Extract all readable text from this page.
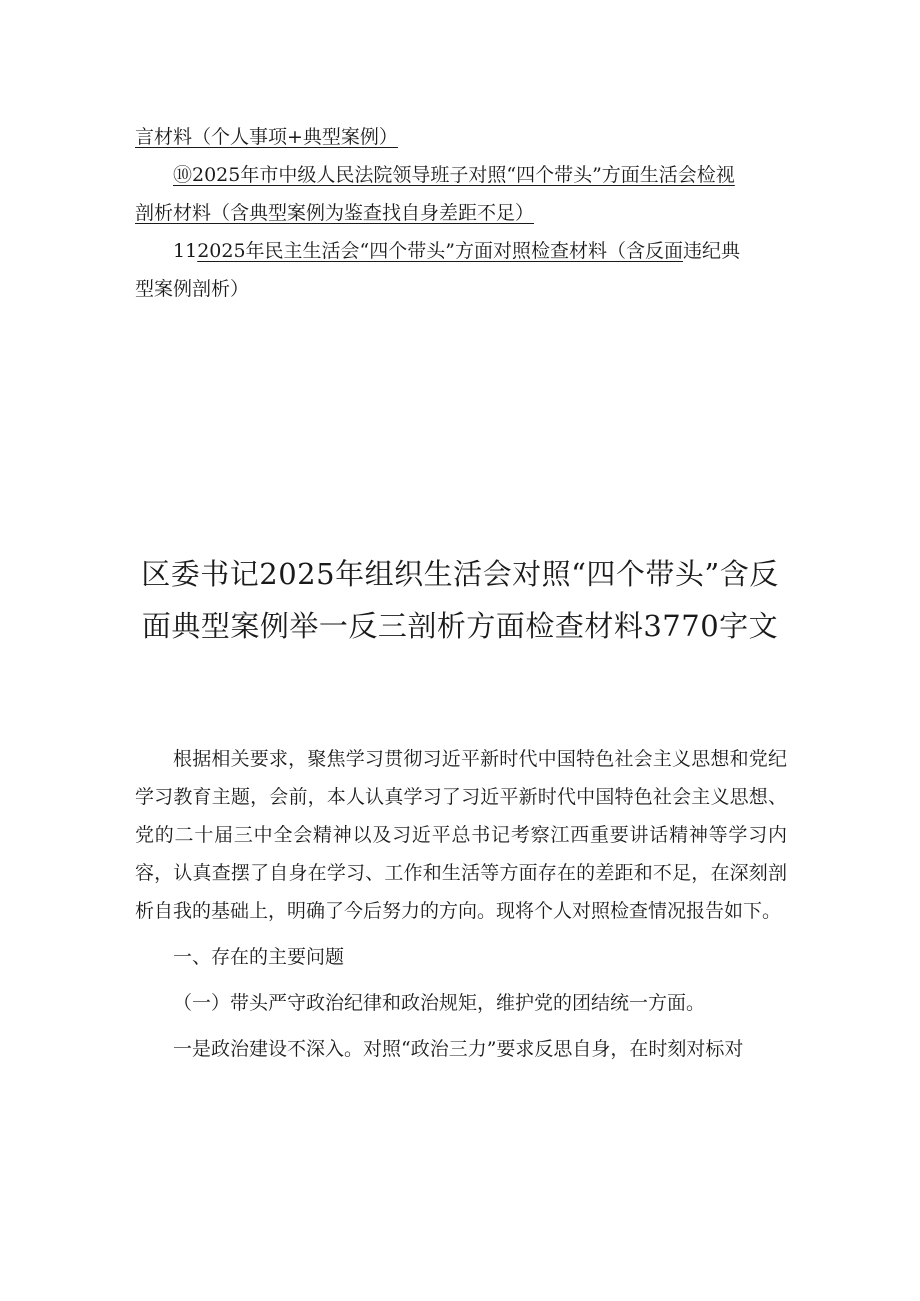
言材料（个人事项+典型案例）
⑩2025年市中级人民法院领导班子对照“四个带头”方面生活会检视
剖析材料（含典型案例为鉴查找自身差距不足）
112025年民主生活会“四个带头”方面对照检查材料（含反面违纪典
型案例剖析）
区委书记2025年组织生活会对照“四个带头”含反
面典型案例举一反三剖析方面检查材料3770字文

根据相关要求，聚焦学习贯彻习近平新时代中国特色社会主义思想和党纪学习教育主题，会前，本人认真学习了习近平新时代中国特色社会主义思想、党的二十届三中全会精神以及习近平总书记考察江西重要讲话精神等学习内容，认真查摆了自身在学习、工作和生活等方面存在的差距和不足，在深刻剖析自我的基础上，明确了今后努力的方向。现将个人对照检查情况报告如下。

一、存在的主要问题

（一）带头严守政治纪律和政治规矩，维护党的团结统一方面。

一是政治建设不深入。对照“政治三力”要求反思自身，在时刻对标对
